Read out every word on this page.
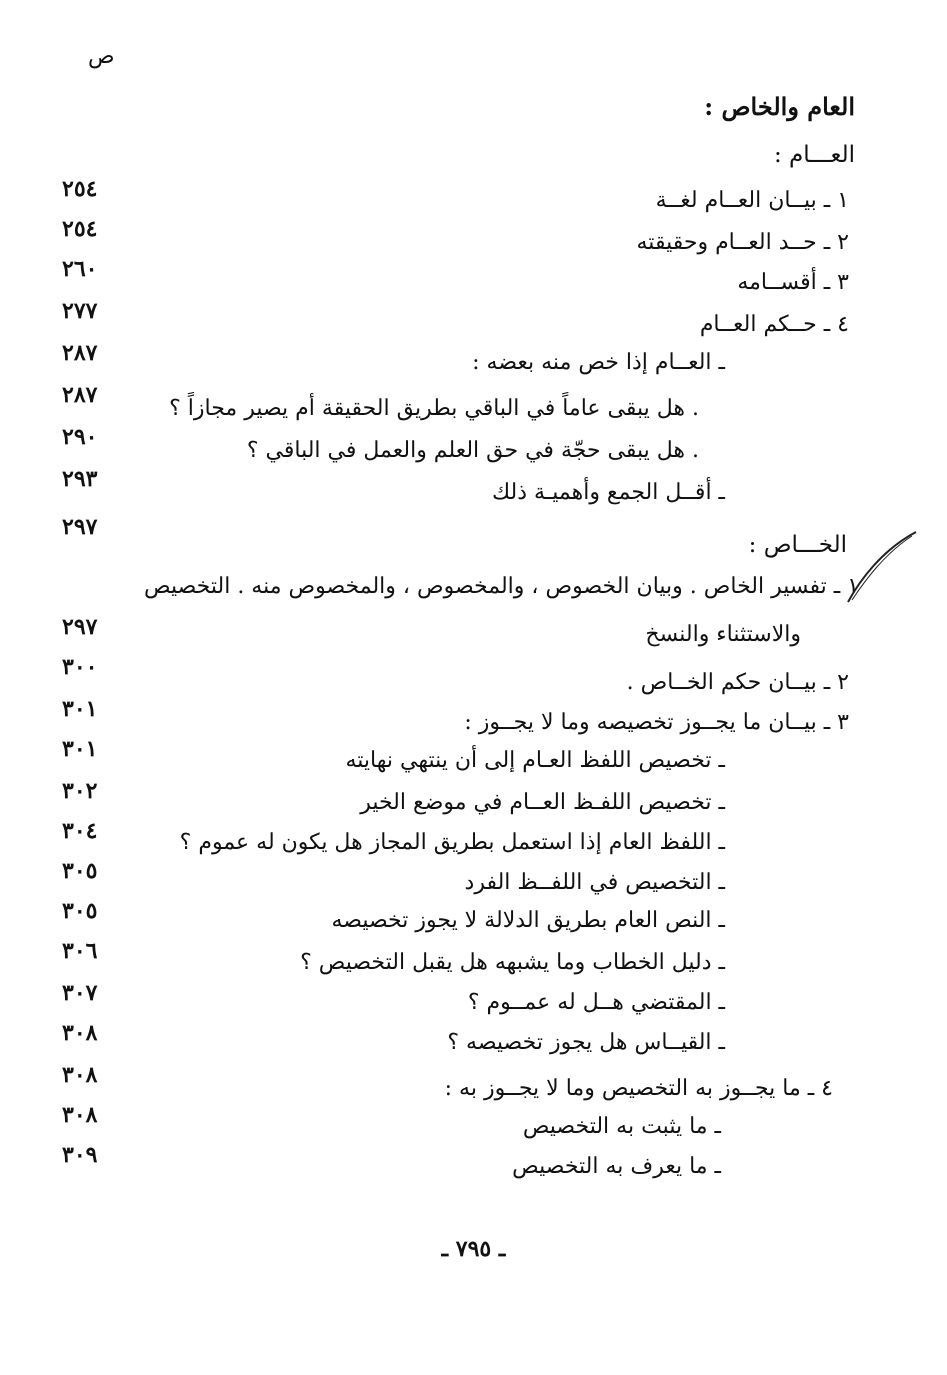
ص
العام والخاص :
العـــام :
الخـــاص :
٢٥٤
٢٥٤
٢٦٠
٢٧٧
٢٨٧
٢٨٧
٢٩٠
٢٩٣
٢٩٧
٢٩٧
٣٠٠
٣٠١
٣٠١
٣٠٢
٣٠٤
٣٠٥
٣٠٥
٣٠٦
٣٠٧
٣٠٨
٣٠٨
٣٠٨
٣٠٩
١ ـ بيــان العــام لغــة
٢ ـ حــد العــام وحقيقته
٣ ـ أقســامه
٤ ـ حــكم العــام
ـ العــام إذا خص منه بعضه :
. هل يبقى عاماً في الباقي بطريق الحقيقة أم يصير مجازاً ؟
. هل يبقى حجّة في حق العلم والعمل في الباقي ؟
ـ أقــل الجمع وأهميـة ذلك
١ ـ تفسير الخاص . وبيان الخصوص ، والمخصوص ، والمخصوص منه . التخصيص
والاستثناء والنسخ
٢ ـ بيــان حكم الخــاص .
٣ ـ بيــان ما يجــوز تخصيصه وما لا يجــوز :
ـ تخصيص اللفظ العـام إلى أن ينتهي نهايته
ـ تخصيص اللفـظ العــام في موضع الخير
ـ اللفظ العام إذا استعمل بطريق المجاز هل يكون له عموم ؟
ـ التخصيص في اللفــظ الفرد
ـ النص العام بطريق الدلالة لا يجوز تخصيصه
ـ دليل الخطاب وما يشبهه هل يقبل التخصيص ؟
ـ المقتضي هــل له عمــوم ؟
ـ القيــاس هل يجوز تخصيصه ؟
٤ ـ ما يجــوز به التخصيص وما لا يجــوز به :
ـ ما يثبت به التخصيص
ـ ما يعرف به التخصيص
ـ ٧٩٥ ـ
